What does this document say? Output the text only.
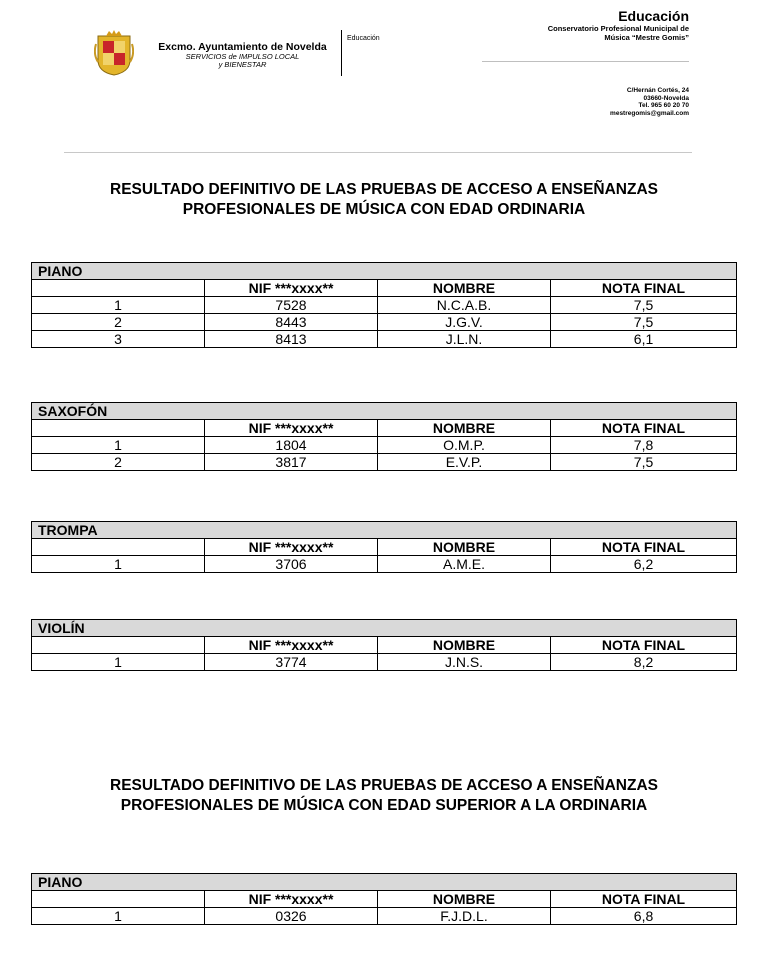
Excmo. Ayuntamiento de Novelda
SERVICIOS de IMPULSO LOCAL
y BIENESTAR
Educación
Educación
Conservatorio Profesional Municipal de
Música “Mestre Gomis”
C/Hernán Cortés, 24
03660-Novelda
Tel. 965 60 20 70
mestregomis@gmail.com
RESULTADO DEFINITIVO DE LAS PRUEBAS DE ACCESO A ENSEÑANZAS
PROFESIONALES DE MÚSICA CON EDAD ORDINARIA
PIANO			
	NIF ***xxxx**	NOMBRE	NOTA FINAL
1	7528	N.C.A.B.	7,5
2	8443	J.G.V.	7,5
3	8413	J.L.N.	6,1
SAXOFÓN			
	NIF ***xxxx**	NOMBRE	NOTA FINAL
1	1804	O.M.P.	7,8
2	3817	E.V.P.	7,5
TROMPA			
	NIF ***xxxx**	NOMBRE	NOTA FINAL
1	3706	A.M.E.	6,2
VIOLÍN			
	NIF ***xxxx**	NOMBRE	NOTA FINAL
1	3774	J.N.S.	8,2
RESULTADO DEFINITIVO DE LAS PRUEBAS DE ACCESO A ENSEÑANZAS
PROFESIONALES DE MÚSICA CON EDAD SUPERIOR A LA ORDINARIA
PIANO			
	NIF ***xxxx**	NOMBRE	NOTA FINAL
1	0326	F.J.D.L.	6,8
